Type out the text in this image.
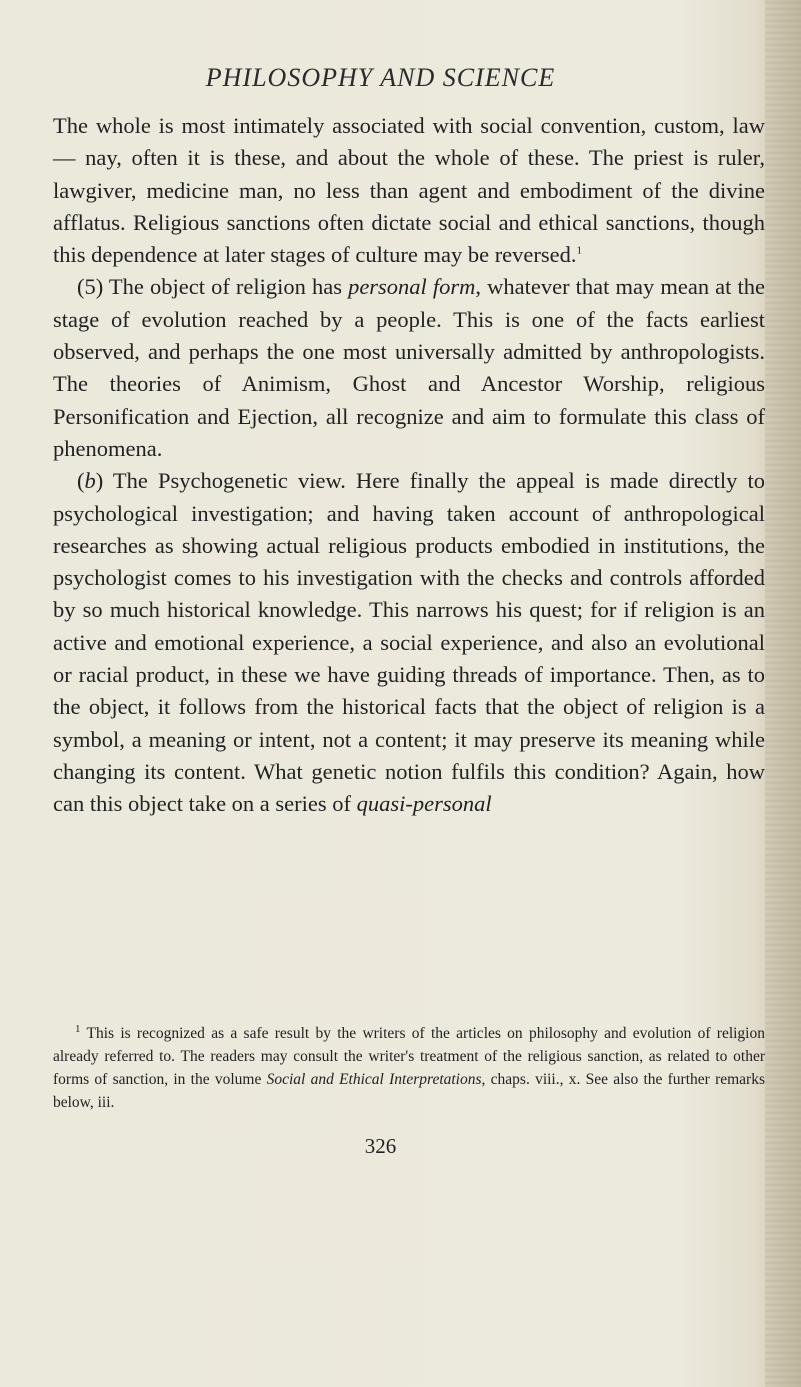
PHILOSOPHY AND SCIENCE

The whole is most intimately associated with social convention, custom, law — nay, often it is these, and about the whole of these. The priest is ruler, lawgiver, medicine man, no less than agent and embodiment of the divine afflatus. Religious sanctions often dictate social and ethical sanctions, though this dependence at later stages of culture may be reversed.$^1$

(5) The object of religion has personal form, whatever that may mean at the stage of evolution reached by a people. This is one of the facts earliest observed, and perhaps the one most universally admitted by anthropologists. The theories of Animism, Ghost and Ancestor Worship, religious Personification and Ejection, all recognize and aim to formulate this class of phenomena.

(b) The Psychogenetic view. Here finally the appeal is made directly to psychological investigation; and having taken account of anthropological researches as showing actual religious products embodied in institutions, the psychologist comes to his investigation with the checks and controls afforded by so much historical knowledge. This narrows his quest; for if religion is an active and emotional experience, a social experience, and also an evolutional or racial product, in these we have guiding threads of importance. Then, as to the object, it follows from the historical facts that the object of religion is a symbol, a meaning or intent, not a content; it may preserve its meaning while changing its content. What genetic notion fulfils this condition? Again, how can this object take on a series of quasi-personal

$^1$ This is recognized as a safe result by the writers of the articles on philosophy and evolution of religion already referred to. The readers may consult the writer's treatment of the religious sanction, as related to other forms of sanction, in the volume Social and Ethical Interpretations, chaps. viii., x. See also the further remarks below, iii.

326
